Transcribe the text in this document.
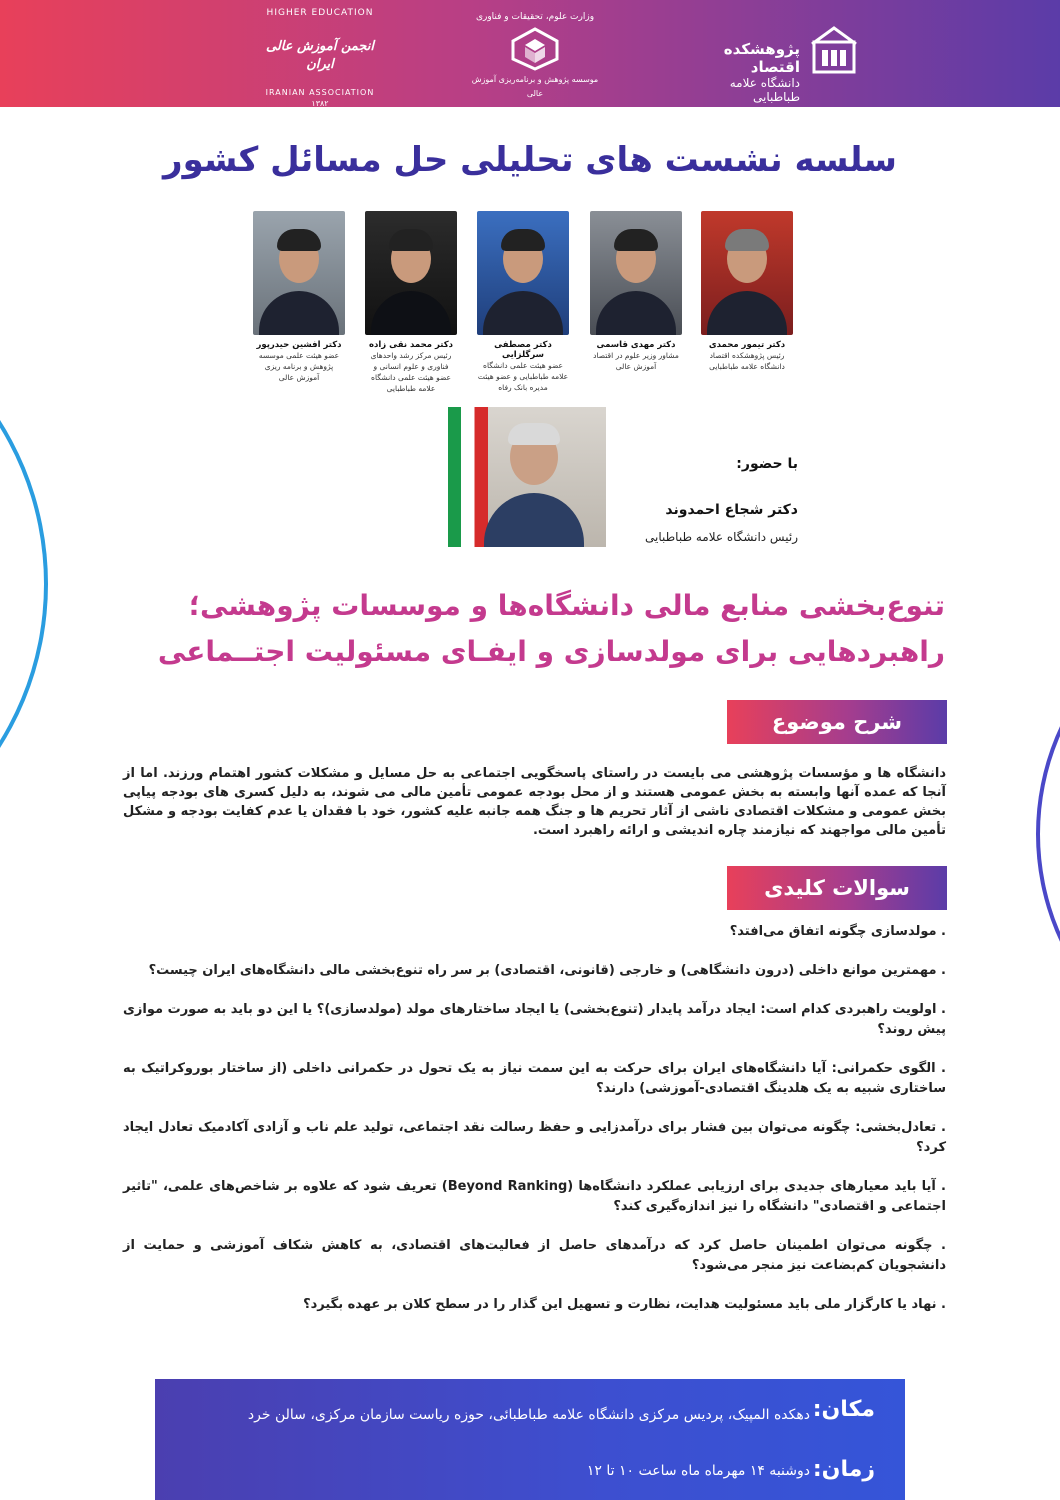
پژوهشکده اقتصاد
دانشگاه علامه طباطبایی
وزارت علوم، تحقیقات و فناوری
موسسه پژوهش و برنامه‌ریزی آموزش عالی
HIGHER EDUCATION
انجمن آموزش عالی ایران
IRANIAN ASSOCIATION
۱۳۸۲
سلسه نشست های تحلیلی حل مسائل کشور
دکتر تیمور محمدی
رئیس پژوهشکده اقتصاد دانشگاه علامه طباطبایی
دکتر مهدی قاسمی
مشاور وزیر علوم در اقتصاد آموزش عالی
دکتر مصطفی سرگلزایی
عضو هیئت علمی دانشگاه علامه طباطبایی و عضو هیئت مدیره بانک رفاه
دکتر محمد نقی زاده
رئیس مرکز رشد واحدهای فناوری و علوم انسانی و عضو هیئت علمی دانشگاه علامه طباطبایی
دکتر افشین حیدرپور
عضو هیئت علمی موسسه پژوهش و برنامه ریزی آموزش عالی
با حضور:
دکتر شجاع احمدوند
رئیس دانشگاه علامه طباطبایی
تنوع‌بخشی منابع مالی دانشگاه‌ها و موسسات پژوهشی؛
راهبردهایی برای مولدسازی و ایفـای مسئولیت اجتــماعی
شرح موضوع
دانشگاه ها و مؤسسات پژوهشی می بایست در راستای پاسخگویی اجتماعی به حل مسایل و مشکلات کشور اهتمام ورزند. اما از آنجا که عمده آنها وابسته به بخش عمومی هستند و از محل بودجه عمومی تأمین مالی می شوند، به دلیل کسری های بودجه پیاپی بخش عمومی و مشکلات اقتصادی ناشی از آثار تحریم ها و جنگ همه جانبه علیه کشور، خود با فقدان یا عدم کفایت بودجه و مشکل تأمین مالی مواجهند که نیازمند چاره اندیشی و ارائه راهبرد است.
سوالات کلیدی
. مولدسازی چگونه اتفاق می‌افتد؟
. مهمترین موانع داخلی (درون دانشگاهی) و خارجی (قانونی، اقتصادی) بر سر راه تنوع‌بخشی مالی دانشگاه‌های ایران چیست؟
. اولویت راهبردی کدام است: ایجاد درآمد پایدار (تنوع‌بخشی) یا ایجاد ساختارهای مولد (مولدسازی)؟ یا این دو باید به صورت موازی پیش روند؟
. الگوی حکمرانی: آیا دانشگاه‌های ایران برای حرکت به این سمت نیاز به یک تحول در حکمرانی داخلی (از ساختار بوروکراتیک به ساختاری شبیه به یک هلدینگ اقتصادی-آموزشی) دارند؟
. تعادل‌بخشی: چگونه می‌توان بین فشار برای درآمدزایی و حفظ رسالت نقد اجتماعی، تولید علم ناب و آزادی آکادمیک تعادل ایجاد کرد؟
. آیا باید معیارهای جدیدی برای ارزیابی عملکرد دانشگاه‌ها (Beyond Ranking) تعریف شود که علاوه بر شاخص‌های علمی، "تاثیر اجتماعی و اقتصادی" دانشگاه را نیز اندازه‌گیری کند؟
. چگونه می‌توان اطمینان حاصل کرد که درآمدهای حاصل از فعالیت‌های اقتصادی، به کاهش شکاف آموزشی و حمایت از دانشجویان کم‌بضاعت نیز منجر می‌شود؟
. نهاد یا کارگزار ملی باید مسئولیت هدایت، نظارت و تسهیل این گذار را در سطح کلان بر عهده بگیرد؟
مکان:
دهکده المپیک، پردیس مرکزی دانشگاه علامه طباطبائی، حوزه ریاست سازمان مرکزی، سالن خرد
زمان:
دوشنبه ۱۴ مهرماه ماه ساعت ۱۰ تا ۱۲
